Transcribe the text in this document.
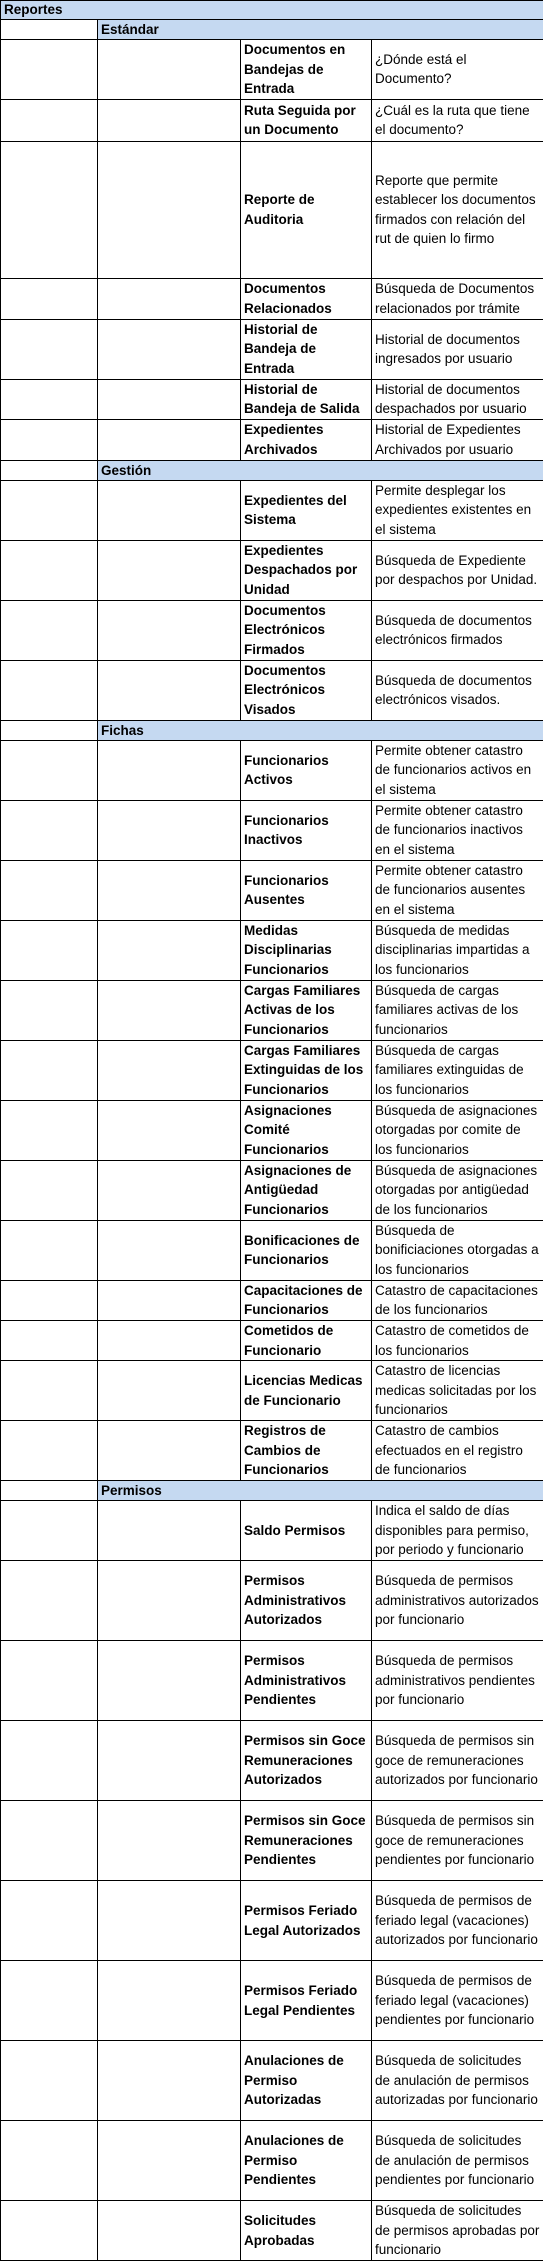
Reportes			
	Estándar		
		Documentos en Bandejas de Entrada	¿Dónde está el Documento?
		Ruta Seguida por un Documento	¿Cuál es la ruta que tiene el documento?
		Reporte de Auditoria	Reporte que permite establecer los documentos firmados con relación del rut de quien lo firmo
		Documentos Relacionados	Búsqueda de Documentos relacionados por trámite
		Historial de Bandeja de Entrada	Historial de documentos ingresados por usuario
		Historial de Bandeja de Salida	Historial de documentos despachados por usuario
		Expedientes Archivados	Historial de Expedientes Archivados por usuario
	Gestión		
		Expedientes del Sistema	Permite desplegar los expedientes existentes en el sistema
		Expedientes Despachados por Unidad	Búsqueda de Expediente por despachos por Unidad.
		Documentos Electrónicos Firmados	Búsqueda de documentos electrónicos firmados
		Documentos Electrónicos Visados	Búsqueda de documentos electrónicos visados.
	Fichas		
		Funcionarios Activos	Permite obtener catastro de funcionarios activos en el sistema
		Funcionarios Inactivos	Permite obtener catastro de funcionarios inactivos en el sistema
		Funcionarios Ausentes	Permite obtener catastro de funcionarios ausentes en el sistema
		Medidas Disciplinarias Funcionarios	Búsqueda de medidas disciplinarias impartidas a los funcionarios
		Cargas Familiares Activas de los Funcionarios	Búsqueda de cargas familiares activas de los funcionarios
		Cargas Familiares Extinguidas de los Funcionarios	Búsqueda de cargas familiares extinguidas de los funcionarios
		Asignaciones Comité Funcionarios	Búsqueda de asignaciones otorgadas por comite de los funcionarios
		Asignaciones de Antigüedad Funcionarios	Búsqueda de asignaciones otorgadas por antigüedad de los funcionarios
		Bonificaciones de Funcionarios	Búsqueda de bonificiaciones otorgadas a los funcionarios
		Capacitaciones de Funcionarios	Catastro de capacitaciones de los funcionarios
		Cometidos de Funcionario	Catastro de cometidos de los funcionarios
		Licencias Medicas de Funcionario	Catastro de licencias medicas solicitadas por los funcionarios
		Registros de Cambios de Funcionarios	Catastro de cambios efectuados en el registro de funcionarios
	Permisos		
		Saldo Permisos	Indica el saldo de días disponibles para permiso, por periodo y funcionario
		Permisos Administrativos Autorizados	Búsqueda de permisos administrativos autorizados por funcionario
		Permisos Administrativos Pendientes	Búsqueda de permisos administrativos pendientes por funcionario
		Permisos sin Goce Remuneraciones Autorizados	Búsqueda de permisos sin goce de remuneraciones autorizados por funcionario
		Permisos sin Goce Remuneraciones Pendientes	Búsqueda de permisos sin goce de remuneraciones pendientes por funcionario
		Permisos Feriado Legal Autorizados	Búsqueda de permisos de feriado legal (vacaciones) autorizados por funcionario
		Permisos Feriado Legal Pendientes	Búsqueda de permisos de feriado legal (vacaciones) pendientes por funcionario
		Anulaciones de Permiso Autorizadas	Búsqueda de solicitudes de anulación de permisos autorizadas por funcionario
		Anulaciones de Permiso Pendientes	Búsqueda de solicitudes de anulación de permisos pendientes por funcionario
		Solicitudes Aprobadas	Búsqueda de solicitudes de permisos aprobadas por funcionario
